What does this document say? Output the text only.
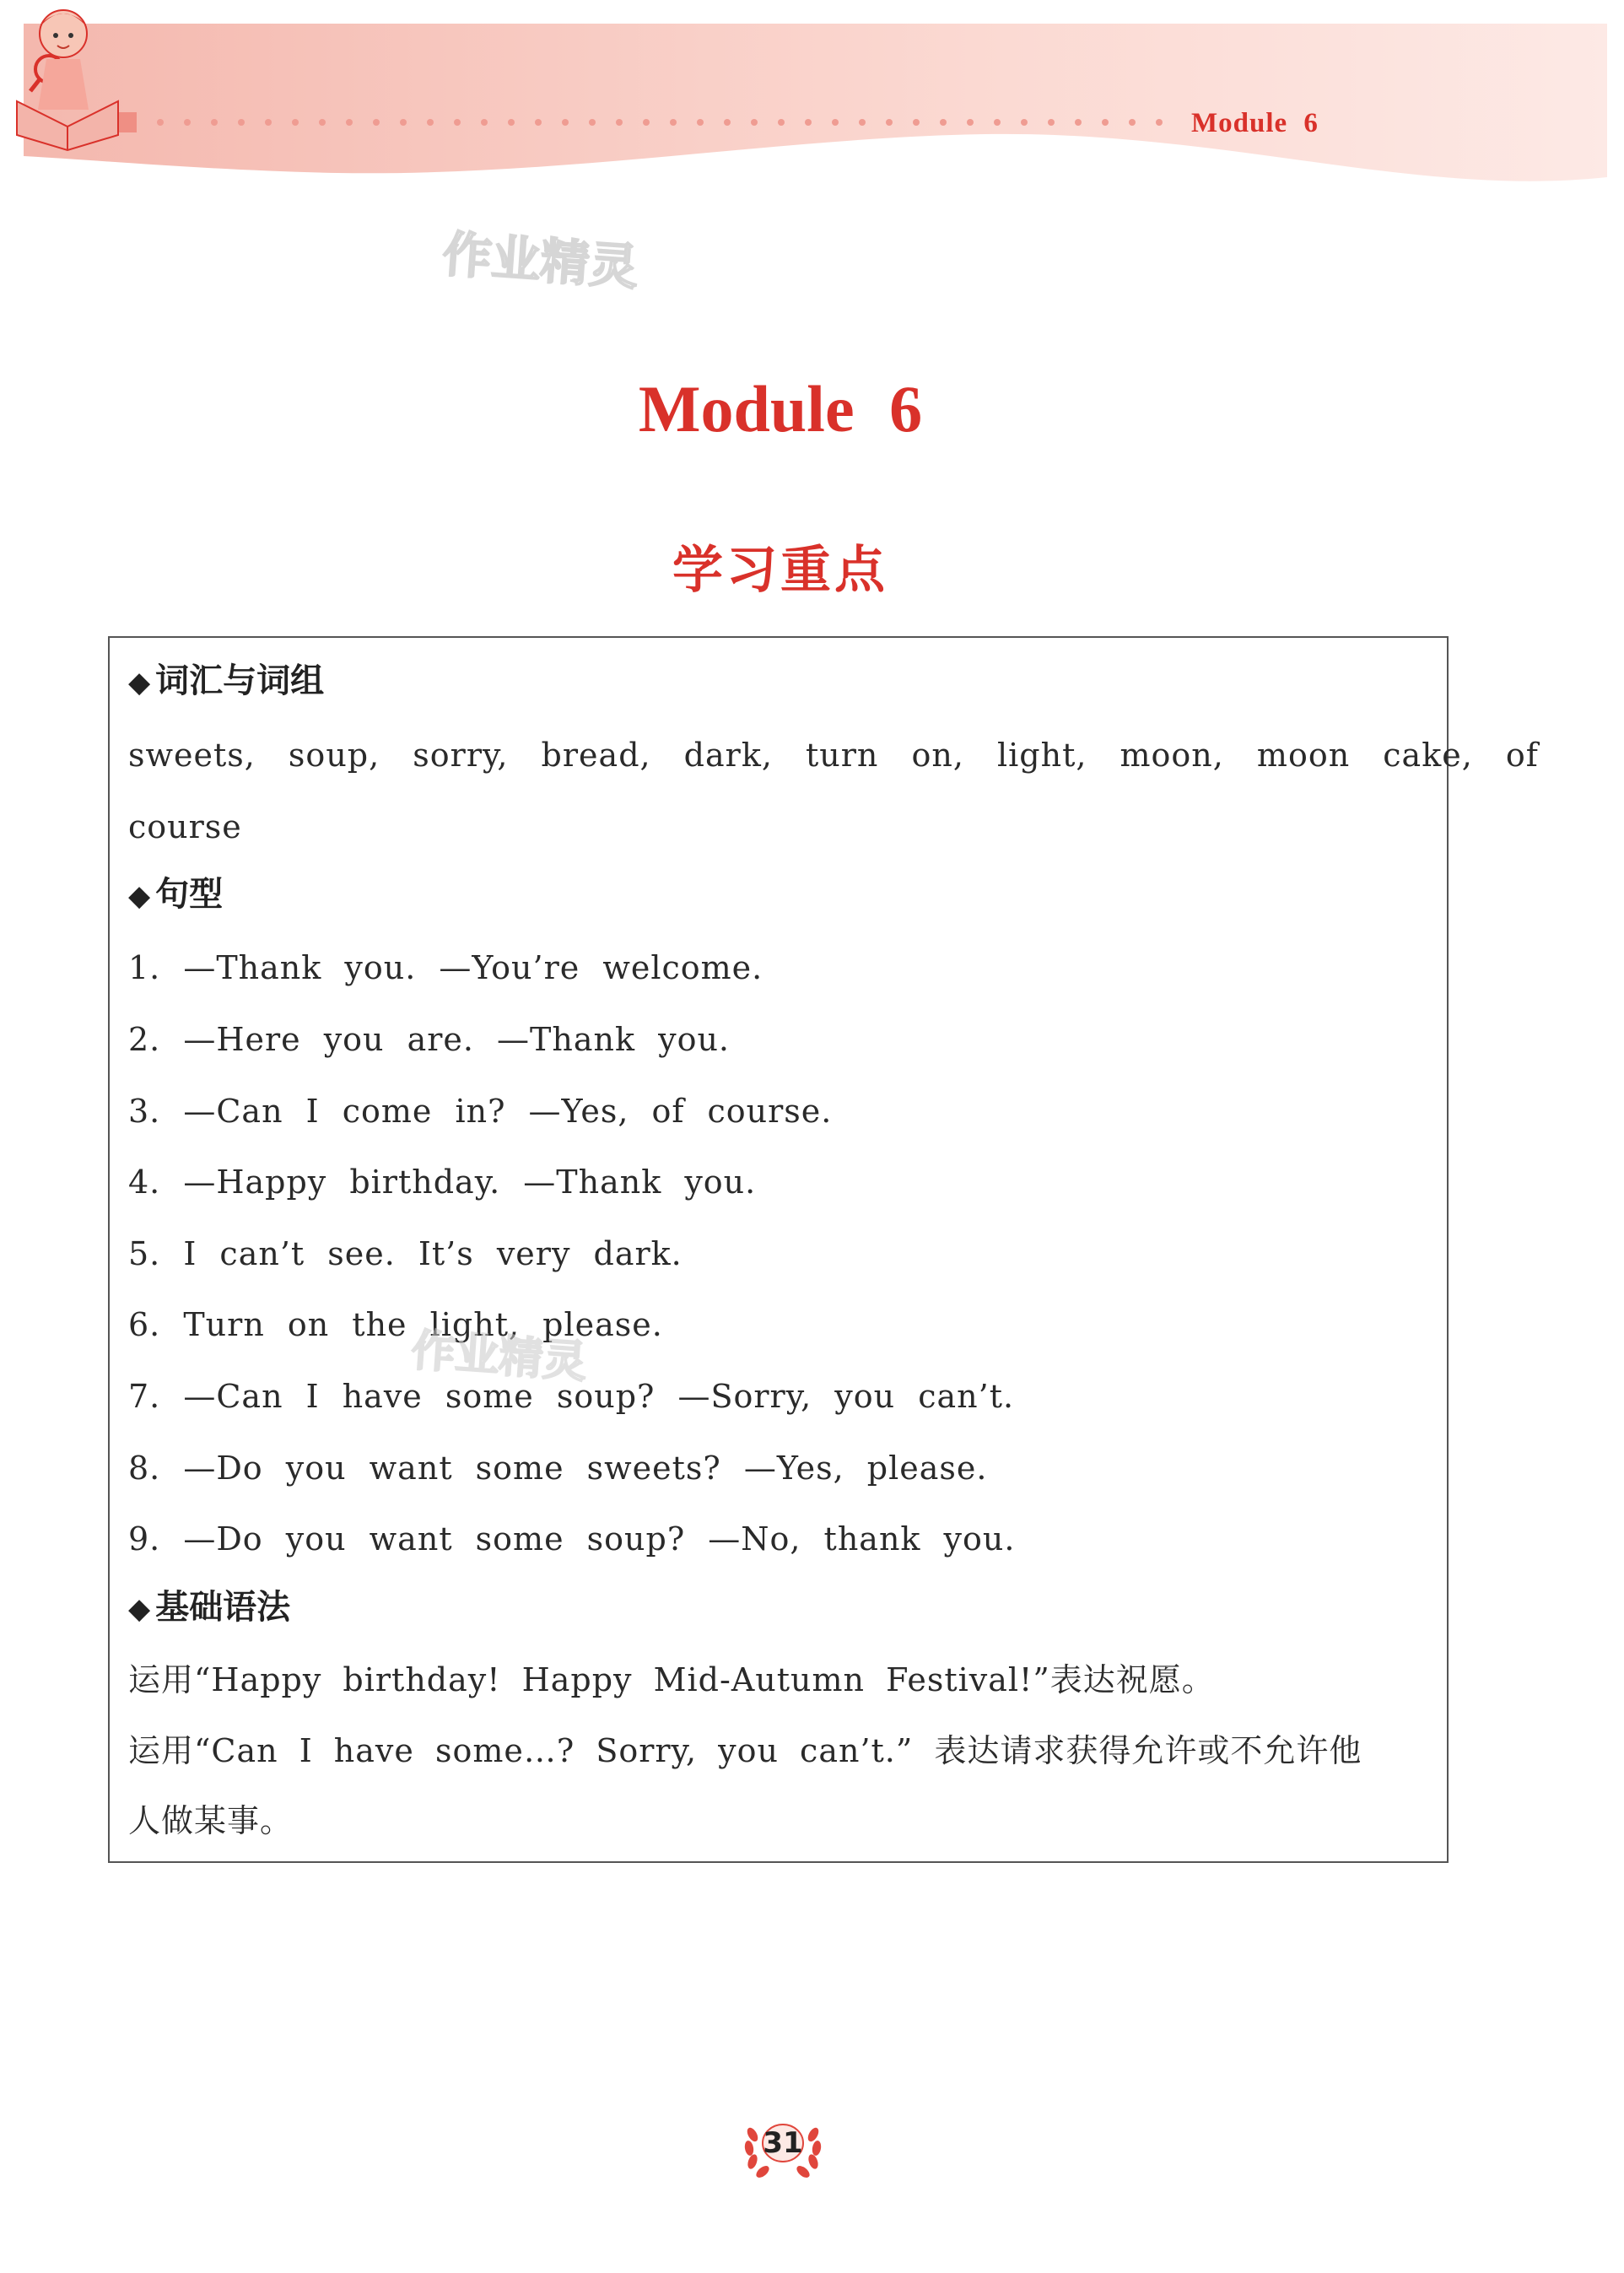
Module 6
作业精灵
Module 6
学习重点
◆ 词汇与词组
sweets, soup, sorry, bread, dark, turn on, light, moon, moon cake, of
course
◆ 句型
1. —Thank you. —You’re welcome.
2. —Here you are. —Thank you.
3. —Can I come in? —Yes, of course.
4. —Happy birthday. —Thank you.
5. I can’t see. It’s very dark.
6. Turn on the light, please.
7. —Can I have some soup? —Sorry, you can’t.
8. —Do you want some sweets? —Yes, please.
9. —Do you want some soup? —No, thank you.
作业精灵
◆ 基础语法
运用“Happy birthday! Happy Mid-Autumn Festival!”表达祝愿。
运用“Can I have some…? Sorry, you can’t.” 表达请求获得允许或不允许他
人做某事。
31
